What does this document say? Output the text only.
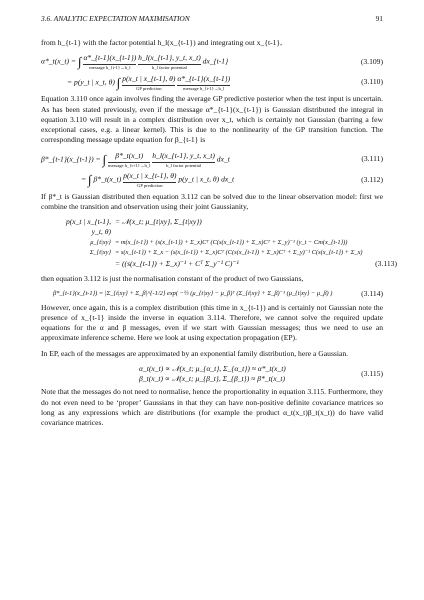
3.6. ANALYTIC EXPECTATION MAXIMISATION	91

from h_{t-1} with the factor potential h_l(x_{t-1}) and integrating out x_{t-1},

α*_t(x_t) = ∫ α*_{t-1}(x_{t-1})
message h_{t-1}→h_l
h_l(x_{t-1}, y_t, x_t)
h_l factor potential
dx_{t-1}	(3.109)
= p(y_t | x_t, θ) ∫ p(x_t | x_{t-1}, θ)
GP prediction
α*_{t-1}(x_{t-1})
message h_{t-1}→h_l
(3.110)

Equation 3.110 once again involves finding the average GP predictive posterior when the test input is uncertain. As has been stated previously, even if the message α*_{t-1}(x_{t-1}) is Gaussian distributed the integral in equation 3.110 will result in a complex distribution over x_t, which is certainly not Gaussian (barring a few exceptional cases, e.g. a linear kernel). This is due to the nonlinearity of the GP transition function. The corresponding message update equation for β_{t-1} is

β*_{t-1}(x_{t-1}) = ∫ β*_t(x_t)
message h_{t+1}→h_l
h_l(x_{t-1}, y_t, x_t)
h_l factor potential
dx_t	(3.111)
= ∫ β*_t(x_t) p(x_t | x_{t-1}, θ)
GP prediction
p(y_t | x_t, θ) dx_t	(3.112)

If β*_t is Gaussian distributed then equation 3.112 can be solved due to the linear observation model: first we combine the transition and observation using their joint Gaussianity,

p(x_t | x_{t-1}, y_t, θ)
= 𝒩(x_t; μ_{t|xy}, Σ_{t|xy})
μ_{t|xy} = m(x_{t-1}) + (s(x_{t-1}) + Σ_x)Cᵀ (C(s(x_{t-1}) + Σ_x)Cᵀ + Σ_y)⁻¹ (y_t − Cm(x_{t-1}))
Σ_{t|xy} = s(x_{t-1}) + Σ_x − (s(x_{t-1}) + Σ_x)Cᵀ (C(s(x_{t-1}) + Σ_x)Cᵀ + Σ_y)⁻¹ C(s(x_{t-1}) + Σ_x)
= ((s(x_{t-1}) + Σ_x)⁻¹ + Cᵀ Σ_y⁻¹ C)⁻¹	(3.113)

then equation 3.112 is just the normalisation constant of the product of two Gaussians,

β*_{t-1}(x_{t-1}) = |Σ_{t|xy} + Σ_β|^{-1/2} exp( −½ (μ_{t|xy} − μ_β)ᵀ (Σ_{t|xy} + Σ_β)⁻¹ (μ_{t|xy} − μ_β) )	(3.114)

However, once again, this is a complex distribution (this time in x_{t-1}) and is certainly not Gaussian note the presence of x_{t-1} inside the inverse in equation 3.114. Therefore, we cannot solve the required update equations for the α and β messages, even if we start with Gaussian messages; thus we need to use an approximate inference scheme. Here we look at using expectation propagation (EP).

In EP, each of the messages are approximated by an exponential family distribution, here a Gaussian.

α_t(x_t) ∝ 𝒩(x_t; μ_{α_t}, Σ_{α_t}) ≈ α*_t(x_t)
β_t(x_t) ∝ 𝒩(x_t; μ_{β_t}, Σ_{β_t}) ≈ β*_t(x_t)
(3.115)

Note that the messages do not need to normalise, hence the proportionality in equation 3.115. Furthermore, they do not even need to be ‘proper’ Gaussians in that they can have non-positive definite covariance matrices so long as any expressions which are distributions (for example the product α_t(x_t)β_t(x_t)) do have valid covariance matrices.
